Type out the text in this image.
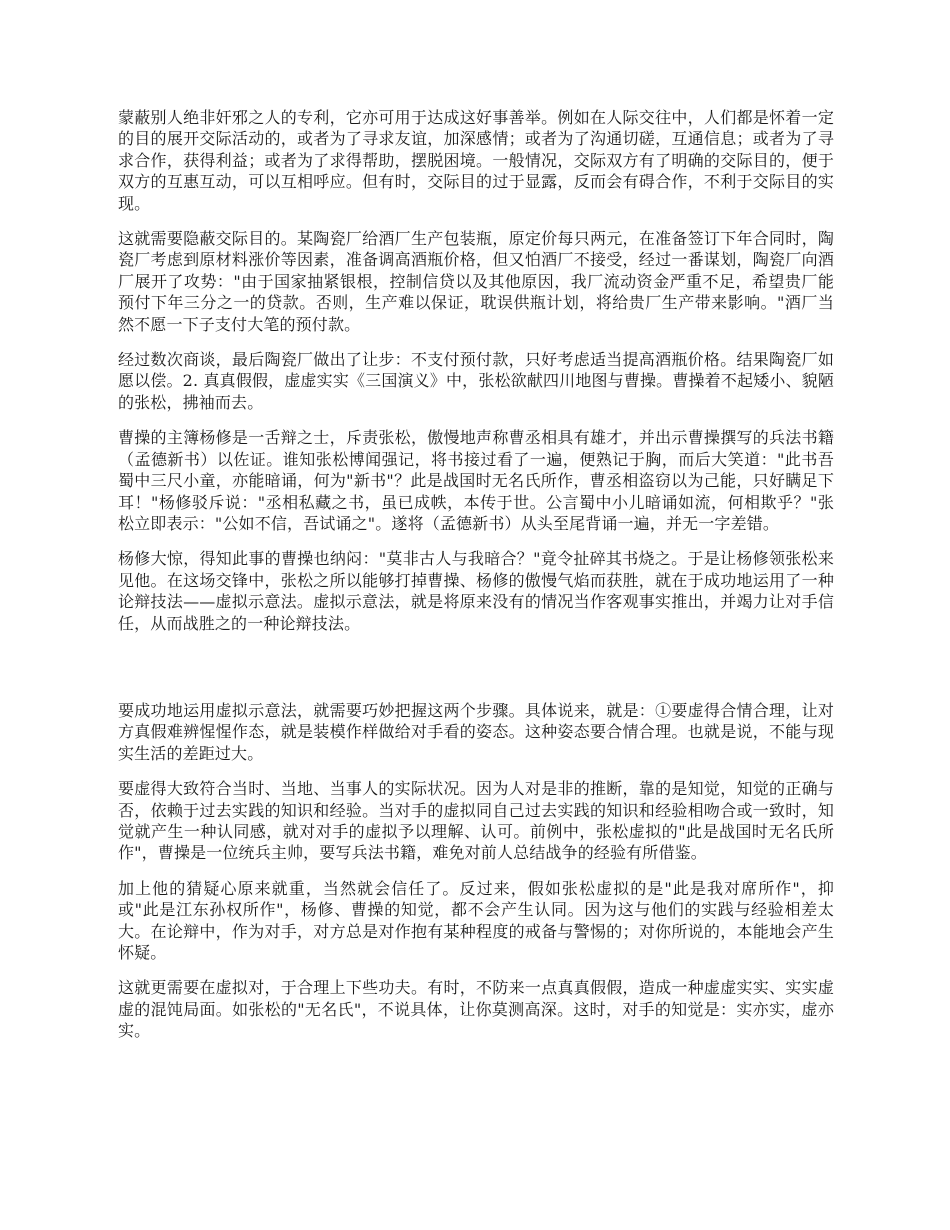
蒙蔽别人绝非奸邪之人的专利，它亦可用于达成这好事善举。例如在人际交往中，人们都是怀着一定的目的展开交际活动的，或者为了寻求友谊，加深感情；或者为了沟通切磋，互通信息；或者为了寻求合作，获得利益；或者为了求得帮助，摆脱困境。一般情况，交际双方有了明确的交际目的，便于双方的互惠互动，可以互相呼应。但有时，交际目的过于显露，反而会有碍合作，不利于交际目的实现。

这就需要隐蔽交际目的。某陶瓷厂给酒厂生产包装瓶，原定价每只两元，在准备签订下年合同时，陶瓷厂考虑到原材料涨价等因素，准备调高酒瓶价格，但又怕酒厂不接受，经过一番谋划，陶瓷厂向酒厂展开了攻势："由于国家抽紧银根，控制信贷以及其他原因，我厂流动资金严重不足，希望贵厂能预付下年三分之一的贷款。否则，生产难以保证，耽误供瓶计划，将给贵厂生产带来影响。"酒厂当然不愿一下子支付大笔的预付款。

经过数次商谈，最后陶瓷厂做出了让步：不支付预付款，只好考虑适当提高酒瓶价格。结果陶瓷厂如愿以偿。2. 真真假假，虚虚实实《三国演义》中，张松欲献四川地图与曹操。曹操着不起矮小、貌陋的张松，拂袖而去。

曹操的主簿杨修是一舌辩之士，斥责张松，傲慢地声称曹丞相具有雄才，并出示曹操撰写的兵法书籍（孟德新书）以佐证。谁知张松博闻强记，将书接过看了一遍，便熟记于胸，而后大笑道："此书吾蜀中三尺小童，亦能暗诵，何为"新书"？此是战国时无名氏所作，曹丞相盗窃以为己能，只好瞒足下耳！"杨修驳斥说："丞相私藏之书，虽已成帙，本传于世。公言蜀中小儿暗诵如流，何相欺乎？"张松立即表示："公如不信，吾试诵之"。遂将（孟德新书）从头至尾背诵一遍，并无一字差错。

杨修大惊，得知此事的曹操也纳闷："莫非古人与我暗合？"竟令扯碎其书烧之。于是让杨修领张松来见他。在这场交锋中，张松之所以能够打掉曹操、杨修的傲慢气焰而获胜，就在于成功地运用了一种论辩技法——虚拟示意法。虚拟示意法，就是将原来没有的情况当作客观事实推出，并竭力让对手信任，从而战胜之的一种论辩技法。

要成功地运用虚拟示意法，就需要巧妙把握这两个步骤。具体说来，就是：①要虚得合情合理，让对方真假难辨惺惺作态，就是装模作样做给对手看的姿态。这种姿态要合情合理。也就是说，不能与现实生活的差距过大。

要虚得大致符合当时、当地、当事人的实际状况。因为人对是非的推断，靠的是知觉，知觉的正确与否，依赖于过去实践的知识和经验。当对手的虚拟同自己过去实践的知识和经验相吻合或一致时，知觉就产生一种认同感，就对对手的虚拟予以理解、认可。前例中，张松虚拟的"此是战国时无名氏所作"，曹操是一位统兵主帅，要写兵法书籍，难免对前人总结战争的经验有所借鉴。

加上他的猜疑心原来就重，当然就会信任了。反过来，假如张松虚拟的是"此是我对席所作"，抑或"此是江东孙权所作"，杨修、曹操的知觉，都不会产生认同。因为这与他们的实践与经验相差太大。在论辩中，作为对手，对方总是对作抱有某种程度的戒备与警惕的；对你所说的，本能地会产生怀疑。

这就更需要在虚拟对，于合理上下些功夫。有时，不防来一点真真假假，造成一种虚虚实实、实实虚虚的混饨局面。如张松的"无名氏"，不说具体，让你莫测高深。这时，对手的知觉是：实亦实，虚亦实。
